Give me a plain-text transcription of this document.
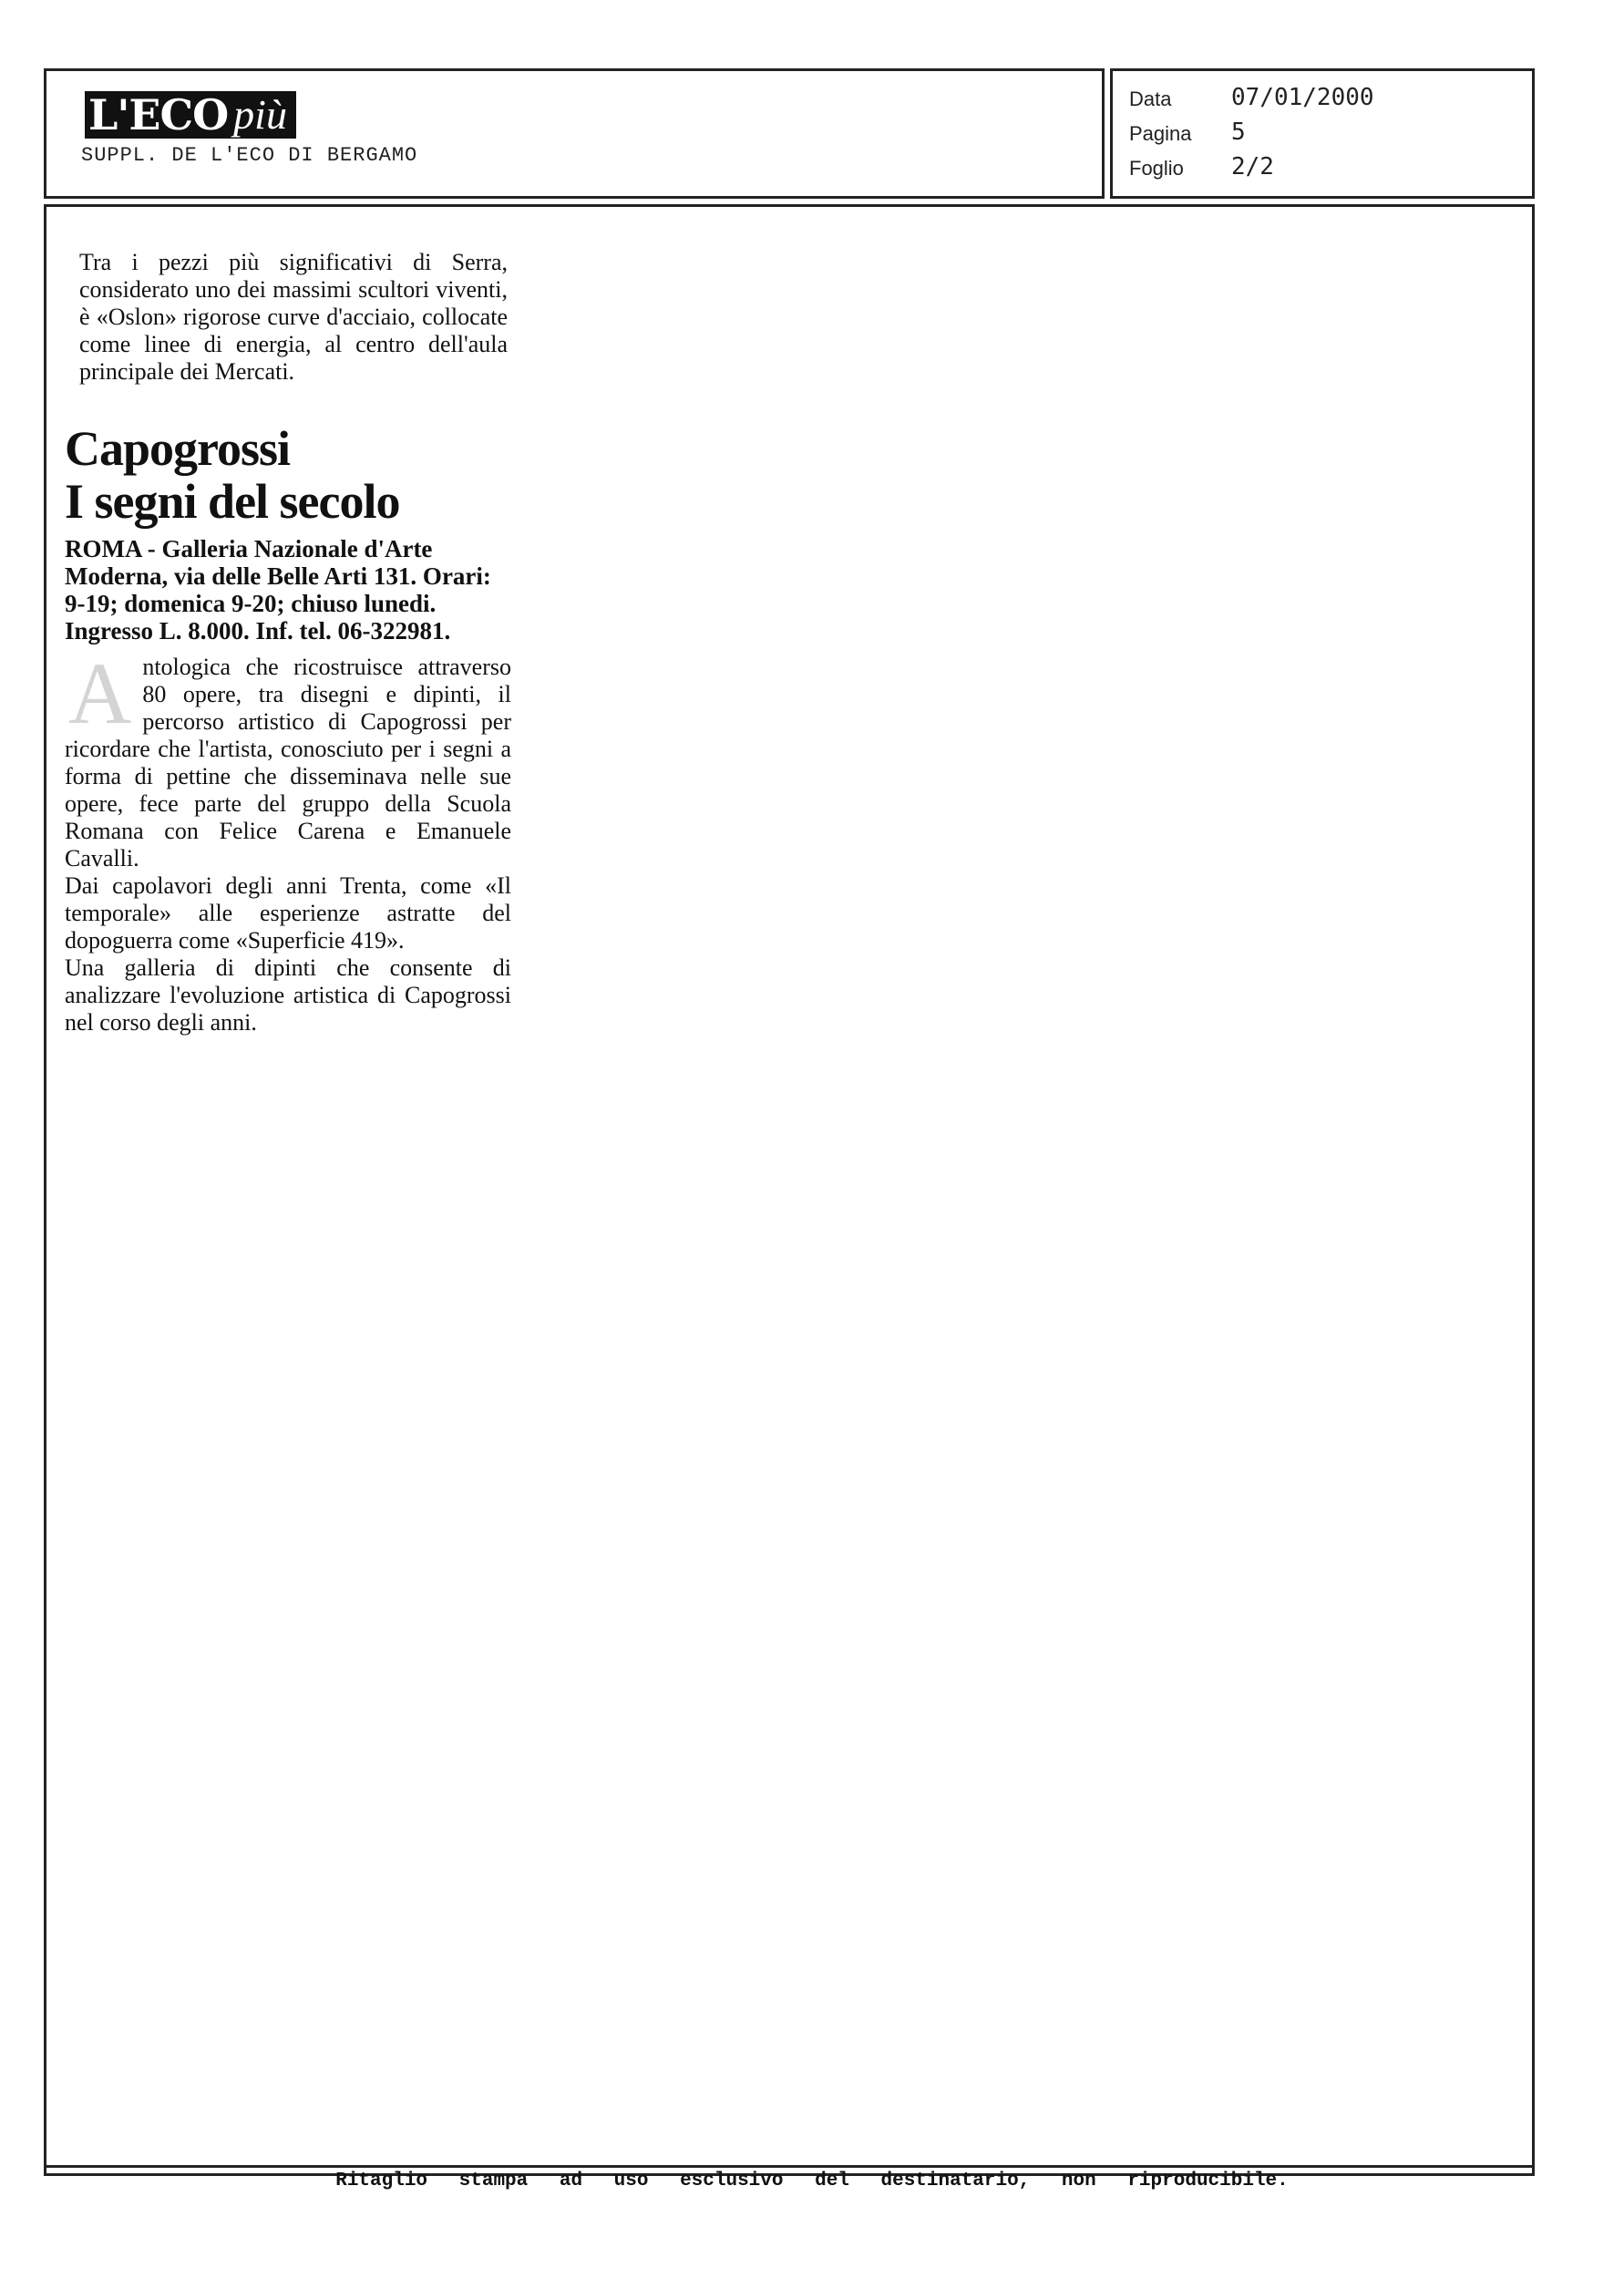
L'ECO più
SUPPL. DE L'ECO DI BERGAMO
Data	07/01/2000
Pagina 5
Foglio 2/2

Tra i pezzi più significativi di Serra, considerato uno dei massimi scultori viventi, è «Oslon» rigorose curve d'acciaio, collocate come linee di energia, al centro dell'aula principale dei Mercati.

Capogrossi
I segni del secolo

ROMA - Galleria Nazionale d'Arte Moderna, via delle Belle Arti 131. Orari: 9-19; domenica 9-20; chiuso lunedi. Ingresso L. 8.000. Inf. tel. 06-322981.

Antologica che ricostruisce attraverso 80 opere, tra disegni e dipinti, il percorso artistico di Capogrossi per ricordare che l'artista, conosciuto per i segni a forma di pettine che disseminava nelle sue opere, fece parte del gruppo della Scuola Romana con Felice Carena e Emanuele Cavalli.

Dai capolavori degli anni Trenta, come «Il temporale» alle esperienze astratte del dopoguerra come «Superficie 419».

Una galleria di dipinti che consente di analizzare l'evoluzione artistica di Capogrossi nel corso degli anni.

Ritaglio stampa ad uso esclusivo del destinatario, non riproducibile.
